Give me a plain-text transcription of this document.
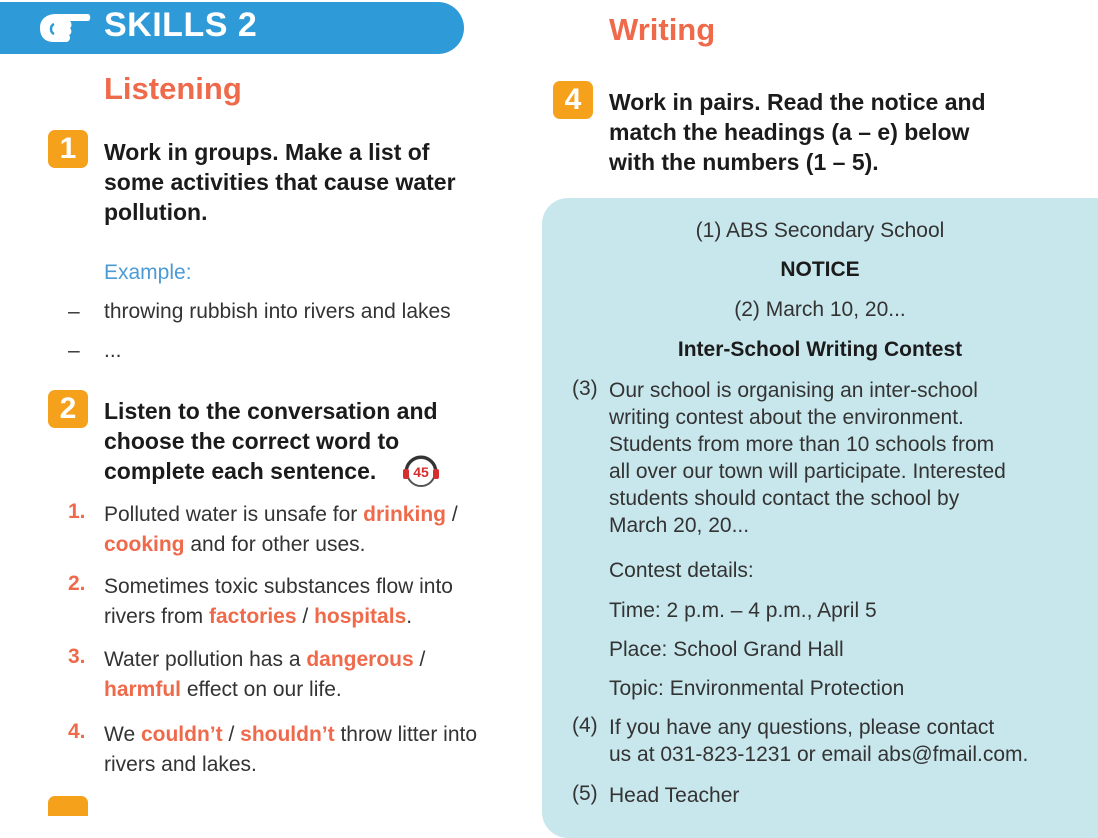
SKILLS 2
Listening
1	Work in groups. Make a list of
some activities that cause water
pollution.
Example:
– throwing rubbish into rivers and lakes
– ...
2	Listen to the conversation and
choose the correct word to
complete each sentence.	45
1. Polluted water is unsafe for drinking /
cooking and for other uses.
2. Sometimes toxic substances flow into
rivers from factories / hospitals.
3. Water pollution has a dangerous /
harmful effect on our life.
4. We couldn’t / shouldn’t throw litter into
rivers and lakes.
Writing
4	Work in pairs. Read the notice and
match the headings (a – e) below
with the numbers (1 – 5).
(1) ABS Secondary School
NOTICE
(2) March 10, 20...
Inter-School Writing Contest
(3) Our school is organising an inter-school
writing contest about the environment.
Students from more than 10 schools from
all over our town will participate. Interested
students should contact the school by
March 20, 20...
Contest details:
Time: 2 p.m. – 4 p.m., April 5
Place: School Grand Hall
Topic: Environmental Protection
(4) If you have any questions, please contact
us at 031-823-1231 or email abs@fmail.com.
(5) Head Teacher
